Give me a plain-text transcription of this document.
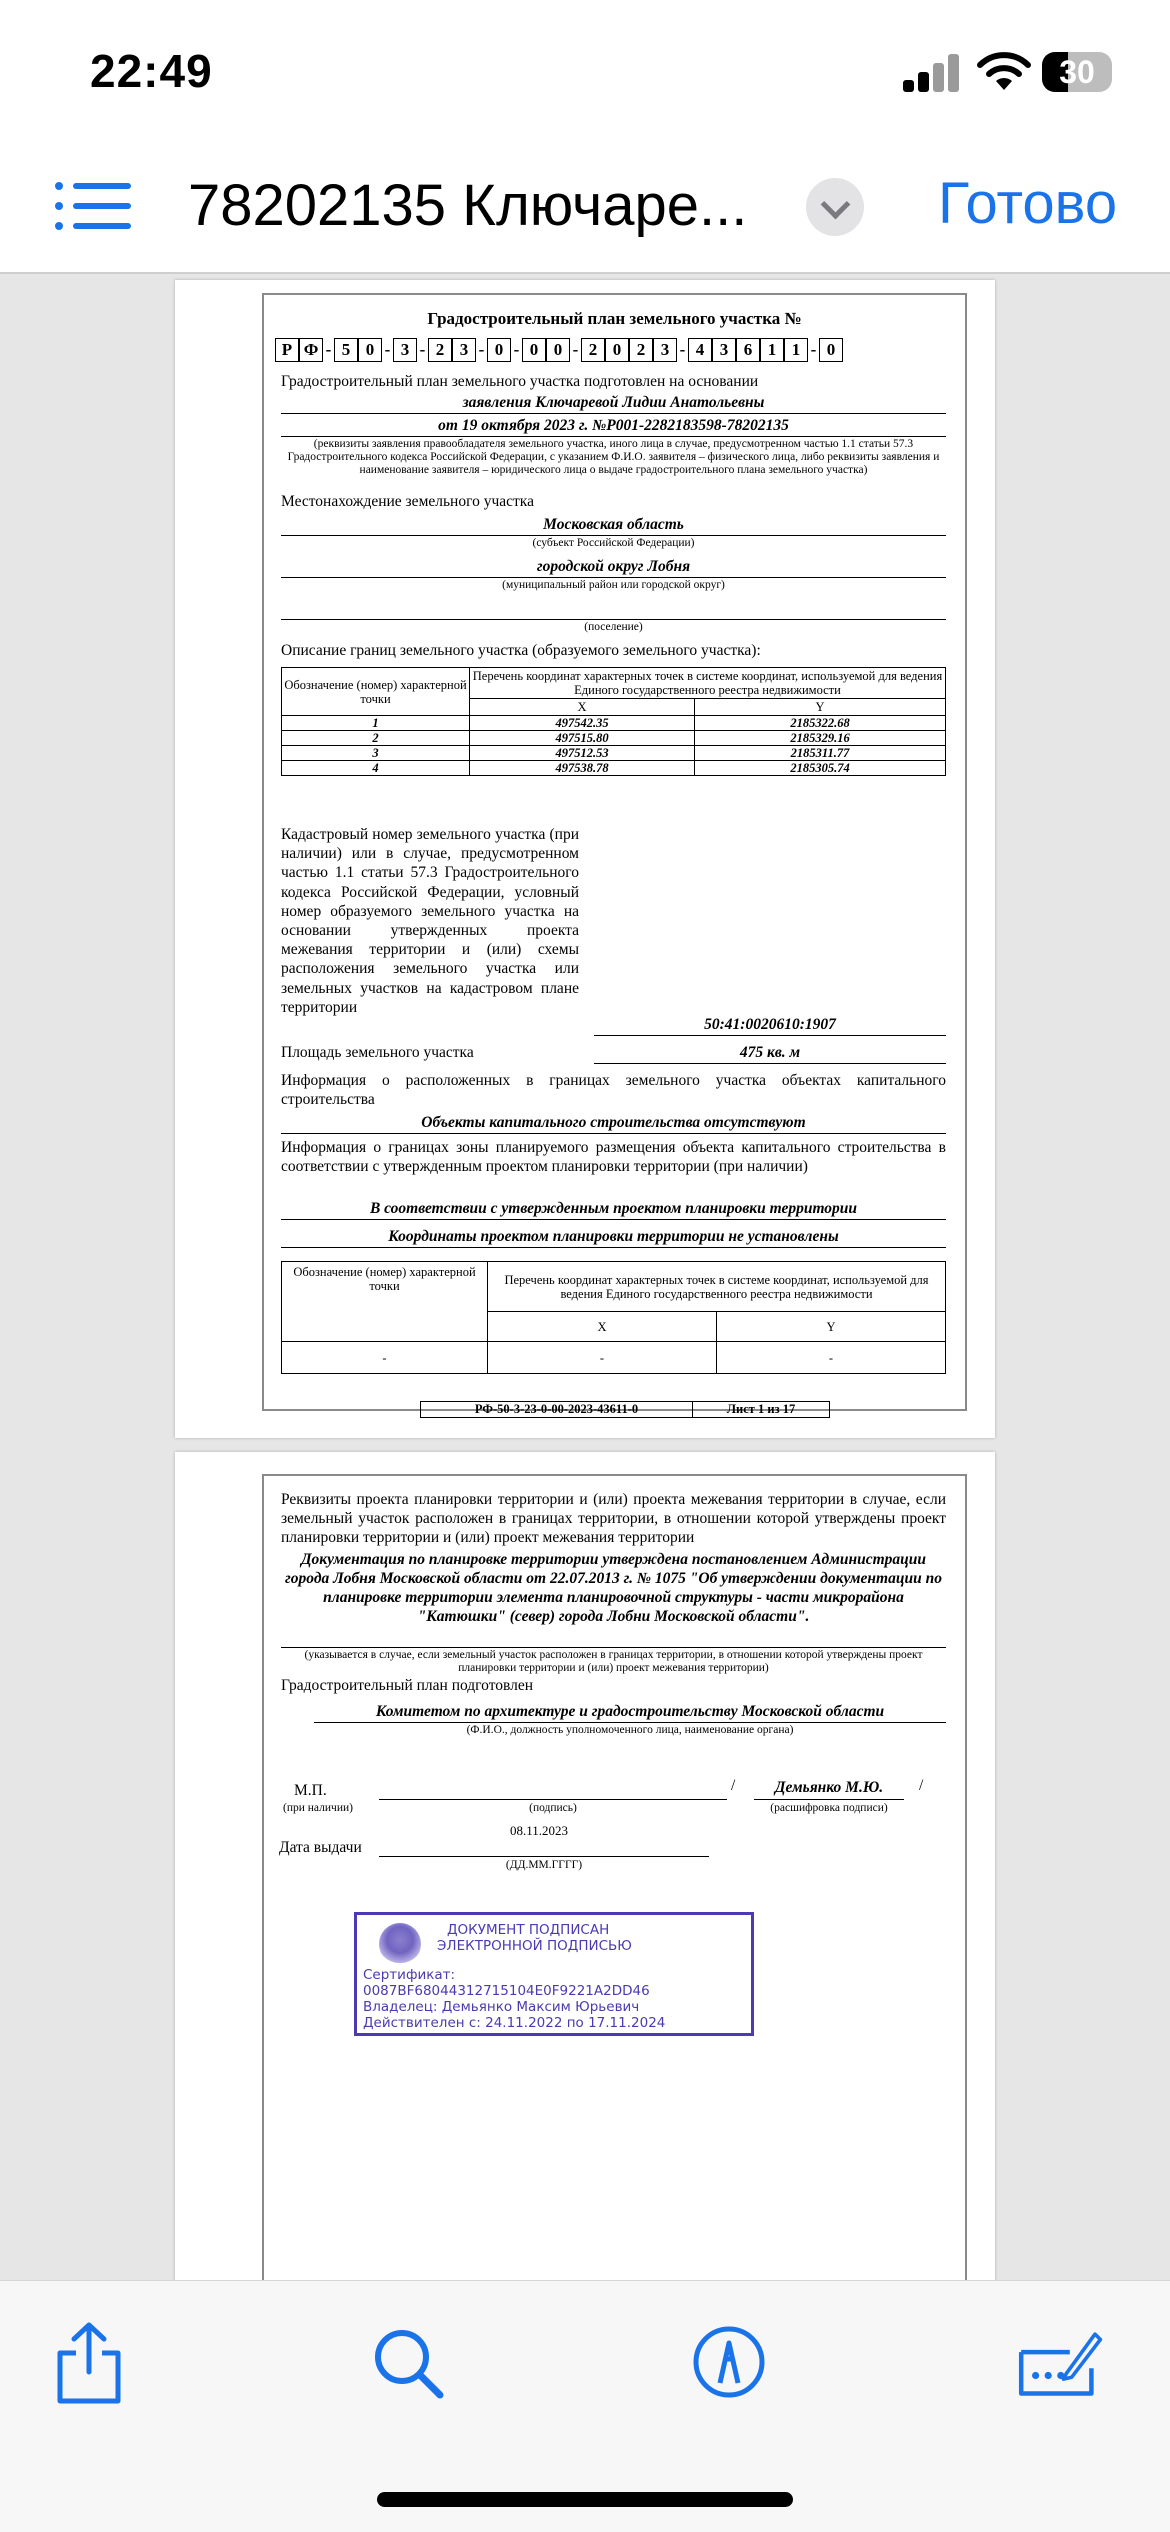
22:49	30
78202135 Ключаре...	Готово
Градостроительный план земельного участка №
Р Ф - 5 0 - 3 - 2 3 - 0 - 0 0 - 2 0 2 3 - 4 3 6 1 1 - 0
Градостроительный план земельного участка подготовлен на основании
заявления Ключаревой Лидии Анатольевны
от 19 октября 2023 г. №Р001-2282183598-78202135
(реквизиты заявления правообладателя земельного участка, иного лица в случае, предусмотренном частью 1.1 статьи 57.3 Градостроительного кодекса Российской Федерации, с указанием Ф.И.О. заявителя – физического лица, либо реквизиты заявления и наименование заявителя – юридического лица о выдаче градостроительного плана земельного участка)
Местонахождение земельного участка
Московская область
(субъект Российской Федерации)
городской округ Лобня
(муниципальный район или городской округ)
(поселение)
Описание границ земельного участка (образуемого земельного участка):
Обозначение (номер) характерной точки	Перечень координат характерных точек в системе координат, используемой для ведения Единого государственного реестра недвижимости	
	X	Y
1	497542.35	2185322.68
2	497515.80	2185329.16
3	497512.53	2185311.77
4	497538.78	2185305.74
Кадастровый номер земельного участка (при наличии) или в случае, предусмотренном частью 1.1 статьи 57.3 Градостроительного кодекса Российской Федерации, условный номер образуемого земельного участка на основании утвержденных проекта межевания территории и (или) схемы расположения земельного участка или земельных участков на кадастровом плане территории
50:41:0020610:1907
Площадь земельного участка	475 кв. м
Информация о расположенных в границах земельного участка объектах капитального строительства
Объекты капитального строительства отсутствуют
Информация о границах зоны планируемого размещения объекта капитального строительства в соответствии с утвержденным проектом планировки территории (при наличии)
В соответствии с утвержденным проектом планировки территории
Координаты проектом планировки территории не установлены
Обозначение (номер) характерной точки	Перечень координат характерных точек в системе координат, используемой для ведения Единого государственного реестра недвижимости	
	X	Y
-	-	-
РФ-50-3-23-0-00-2023-43611-0	Лист 1 из 17
Реквизиты проекта планировки территории и (или) проекта межевания территории в случае, если земельный участок расположен в границах территории, в отношении которой утверждены проект планировки территории и (или) проект межевания территории
Документация по планировке территории утверждена постановлением Администрации города Лобня Московской области от 22.07.2013 г. № 1075 "Об утверждении документации по планировке территории элемента планировочной структуры - части микрорайона "Катюшки" (север) города Лобни Московской области".
(указывается в случае, если земельный участок расположен в границах территории, в отношении которой утверждены проект планировки территории и (или) проект межевания территории)
Градостроительный план подготовлен
Комитетом по архитектуре и градостроительству Московской области
(Ф.И.О., должность уполномоченного лица, наименование органа)
М.П.
(при наличии)	(подпись)
/	Демьянко М.Ю.
(расшифровка подписи)
/
Дата выдачи
08.11.2023
(ДД.ММ.ГГГГ)
ДОКУМЕНТ ПОДПИСАН
ЭЛЕКТРОННОЙ ПОДПИСЬЮ
Сертификат:
0087BF68044312715104E0F9221A2DD46
Владелец: Демьянко Максим Юрьевич
Действителен с: 24.11.2022 по 17.11.2024
